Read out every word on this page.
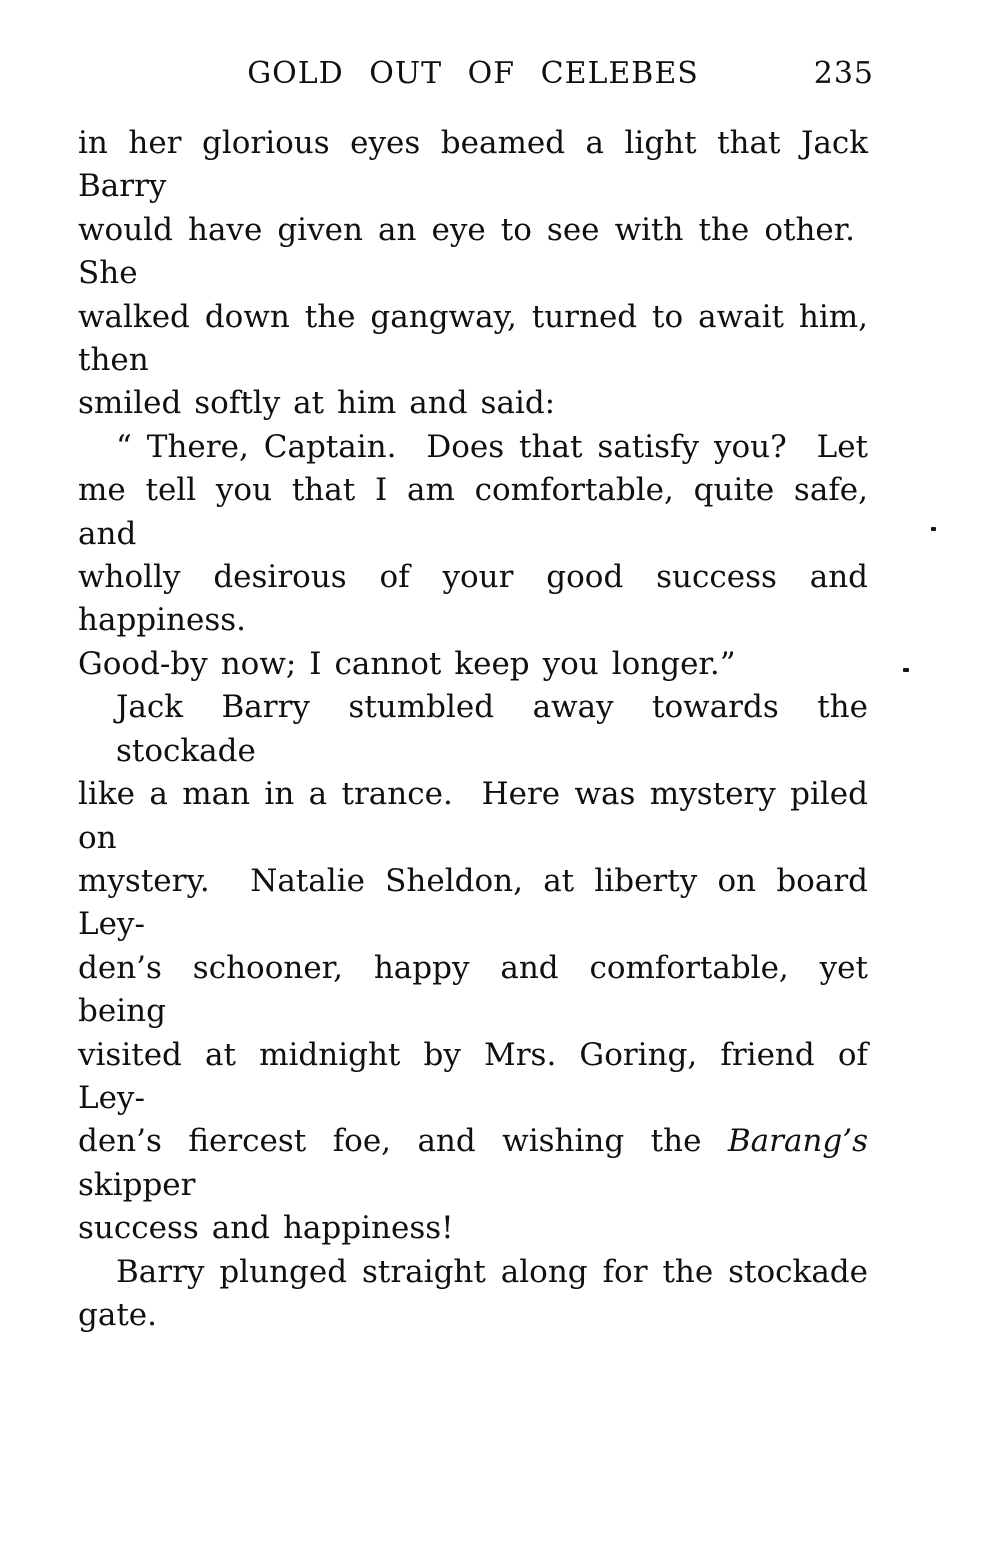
GOLD OUT OF CELEBES	235
in her glorious eyes beamed a light that Jack Barry
would have given an eye to see with the other.  She
walked down the gangway, turned to await him, then
smiled softly at him and said:
“ There, Captain.  Does that satisfy you?  Let
me tell you that I am comfortable, quite safe, and
wholly desirous of your good success and happiness.
Good-by now; I cannot keep you longer.”
Jack Barry stumbled away towards the stockade
like a man in a trance.  Here was mystery piled on
mystery.  Natalie Sheldon, at liberty on board Ley-
den’s schooner, happy and comfortable, yet being
visited at midnight by Mrs. Goring, friend of Ley-
den’s fiercest foe, and wishing the Barang’s skipper
success and happiness!
Barry plunged straight along for the stockade
gate.
